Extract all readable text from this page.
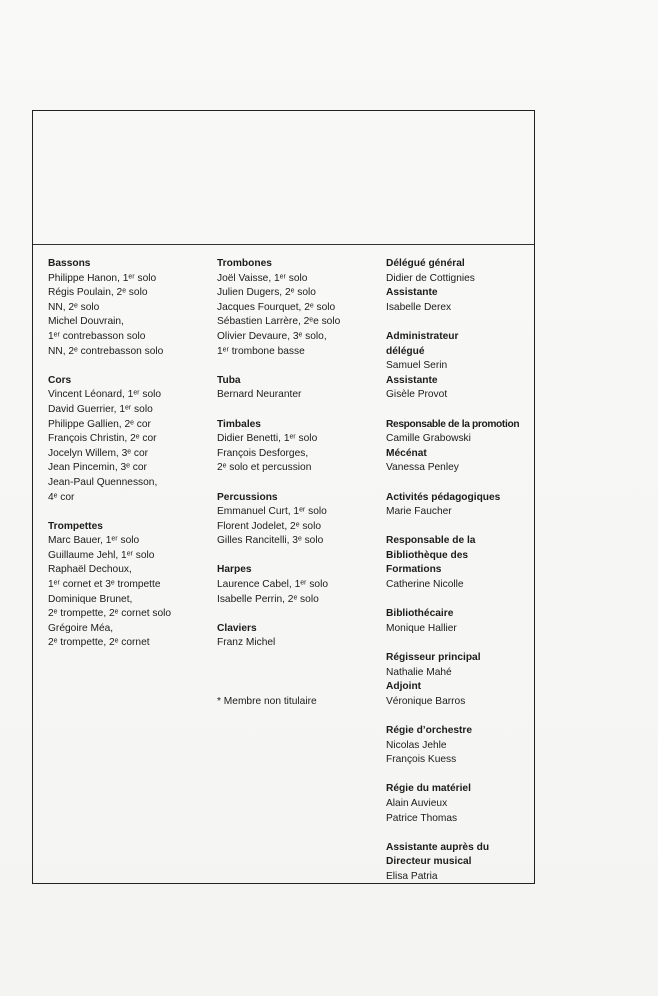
Bassons
Philippe Hanon, 1ᵉʳ solo
Régis Poulain, 2ᵉ solo
NN, 2ᵉ solo
Michel Douvrain,
1ᵉʳ contrebasson solo
NN, 2ᵉ contrebasson solo
Cors
Vincent Léonard, 1ᵉʳ solo
David Guerrier, 1ᵉʳ solo
Philippe Gallien, 2ᵉ cor
François Christin, 2ᵉ cor
Jocelyn Willem, 3ᵉ cor
Jean Pincemin, 3ᵉ cor
Jean-Paul Quennesson,
4ᵉ cor
Trompettes
Marc Bauer, 1ᵉʳ solo
Guillaume Jehl, 1ᵉʳ solo
Raphaël Dechoux,
1ᵉʳ cornet et 3ᵉ trompette
Dominique Brunet,
2ᵉ trompette, 2ᵉ cornet solo
Grégoire Méa,
2ᵉ trompette, 2ᵉ cornet
Trombones
Joël Vaisse, 1ᵉʳ solo
Julien Dugers, 2ᵉ solo
Jacques Fourquet, 2ᵉ solo
Sébastien Larrère, 2ᵉe solo
Olivier Devaure, 3ᵉ solo,
1ᵉʳ trombone basse
Tuba
Bernard Neuranter
Timbales
Didier Benetti, 1ᵉʳ solo
François Desforges,
2ᵉ solo et percussion
Percussions
Emmanuel Curt, 1ᵉʳ solo
Florent Jodelet, 2ᵉ solo
Gilles Rancitelli, 3ᵉ solo
Harpes
Laurence Cabel, 1ᵉʳ solo
Isabelle Perrin, 2ᵉ solo
Claviers
Franz Michel
* Membre non titulaire
Délégué général
Didier de Cottignies
Assistante
Isabelle Derex
Administrateur
délégué
Samuel Serin
Assistante
Gisèle Provot
Responsable de la promotion
Camille Grabowski
Mécénat
Vanessa Penley
Activités pédagogiques
Marie Faucher
Responsable de la
Bibliothèque des
Formations
Catherine Nicolle
Bibliothécaire
Monique Hallier
Régisseur principal
Nathalie Mahé
Adjoint
Véronique Barros
Régie d’orchestre
Nicolas Jehle
François Kuess
Régie du matériel
Alain Auvieux
Patrice Thomas
Assistante auprès du
Directeur musical
Elisa Patria
